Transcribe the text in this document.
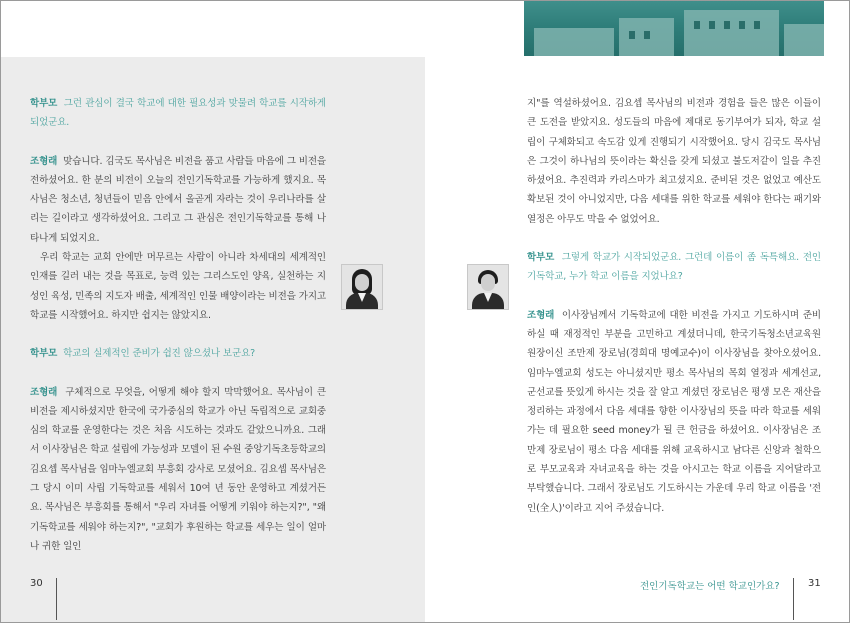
학부모 그런 관심이 결국 학교에 대한 필요성과 맞물려 학교를 시작하게 되었군요.

조형래 맞습니다. 김국도 목사님은 비전을 품고 사람들 마음에 그 비전을 전하셨어요. 한 분의 비전이 오늘의 전인기독학교를 가능하게 했지요. 목사님은 청소년, 청년들이 믿음 안에서 올곧게 자라는 것이 우리나라를 살리는 길이라고 생각하셨어요. 그리고 그 관심은 전인기독학교를 통해 나타나게 되었지요.

우리 학교는 교회 안에만 머무르는 사람이 아니라 차세대의 세계적인 인재를 길러 내는 것을 목표로, 능력 있는 그리스도인 양육, 실천하는 지성인 육성, 민족의 지도자 배출, 세계적인 인물 배양이라는 비전을 가지고 학교를 시작했어요. 하지만 쉽지는 않았지요.

학부모 학교의 실제적인 준비가 쉽진 않으셨나 보군요?

조형래 구체적으로 무엇을, 어떻게 해야 할지 막막했어요. 목사님이 큰 비전을 제시하셨지만 한국에 국가중심의 학교가 아닌 독립적으로 교회중심의 학교를 운영한다는 것은 처음 시도하는 것과도 같았으니까요. 그래서 이사장님은 학교 설립에 가능성과 모델이 된 수원 중앙기독초등학교의 김요셉 목사님을 임마누엘교회 부흥회 강사로 모셨어요. 김요셉 목사님은 그 당시 이미 사립 기독학교를 세워서 10여 년 동안 운영하고 계셨거든요. 목사님은 부흥회를 통해서 "우리 자녀를 어떻게 키워야 하는지?", "왜 기독학교를 세워야 하는지?", "교회가 후원하는 학교를 세우는 일이 얼마나 귀한 일인

지"를 역설하셨어요. 김요셉 목사님의 비전과 경험을 들은 많은 이들이 큰 도전을 받았지요. 성도들의 마음에 제대로 동기부여가 되자, 학교 설립이 구체화되고 속도감 있게 진행되기 시작했어요. 당시 김국도 목사님은 그것이 하나님의 뜻이라는 확신을 갖게 되셨고 불도저같이 일을 추진하셨어요. 추진력과 카리스마가 최고셨지요. 준비된 것은 없었고 예산도 확보된 것이 아니었지만, 다음 세대를 위한 학교를 세워야 한다는 패기와 열정은 아무도 막을 수 없었어요.

학부모 그렇게 학교가 시작되었군요. 그런데 이름이 좀 독특해요. 전인기독학교, 누가 학교 이름을 지었나요?

조형래 이사장님께서 기독학교에 대한 비전을 가지고 기도하시며 준비하실 때 재정적인 부분을 고민하고 계셨더니데, 한국기독청소년교육원 원장이신 조만제 장로님(경희대 명예교수)이 이사장님을 찾아오셨어요. 임마누엘교회 성도는 아니셨지만 평소 목사님의 목회 열정과 세계선교, 군선교를 뜻있게 하시는 것을 잘 알고 계셨던 장로님은 평생 모은 재산을 정리하는 과정에서 다음 세대를 향한 이사장님의 뜻을 따라 학교를 세워 가는 데 필요한 seed money가 될 큰 헌금을 하셨어요. 이사장님은 조만제 장로님이 평소 다음 세대를 위해 교육하시고 남다른 신앙과 철학으로 부모교육과 자녀교육을 하는 것을 아시고는 학교 이름을 지어달라고 부탁했습니다. 그래서 장로님도 기도하시는 가운데 우리 학교 이름을 '전인(全人)'이라고 지어 주셨습니다.

30	전인기독학교는 어떤 학교인가요?	31
